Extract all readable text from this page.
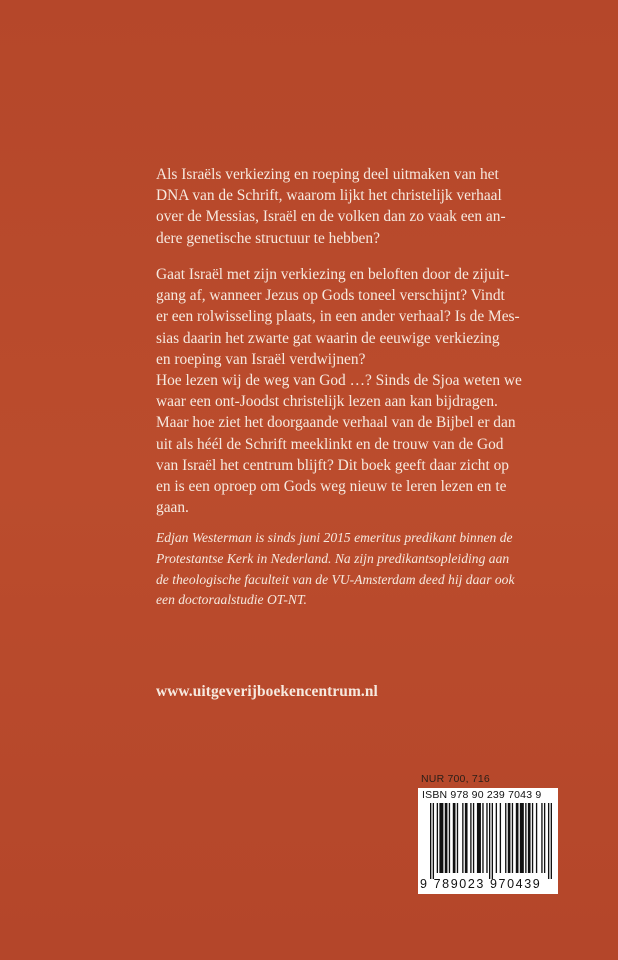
Als Israëls verkiezing en roeping deel uitmaken van het
DNA van de Schrift, waarom lijkt het christelijk verhaal
over de Messias, Israël en de volken dan zo vaak een an-
dere genetische structuur te hebben?

Gaat Israël met zijn verkiezing en beloften door de zijuit-
gang af, wanneer Jezus op Gods toneel verschijnt? Vindt
er een rolwisseling plaats, in een ander verhaal? Is de Mes-
sias daarin het zwarte gat waarin de eeuwige verkiezing
en roeping van Israël verdwijnen?

Hoe lezen wij de weg van God …? Sinds de Sjoa weten we
waar een ont-Joodst christelijk lezen aan kan bijdragen.
Maar hoe ziet het doorgaande verhaal van de Bijbel er dan
uit als héél de Schrift meeklinkt en de trouw van de God
van Israël het centrum blijft? Dit boek geeft daar zicht op
en is een oproep om Gods weg nieuw te leren lezen en te
gaan.

Edjan Westerman is sinds juni 2015 emeritus predikant binnen de
Protestantse Kerk in Nederland. Na zijn predikantsopleiding aan
de theologische faculteit van de VU-Amsterdam deed hij daar ook
een doctoraalstudie OT-NT.

www.uitgeverijboekencentrum.nl

NUR 700, 716

ISBN 978 90 239 7043 9

9 789023 970439
